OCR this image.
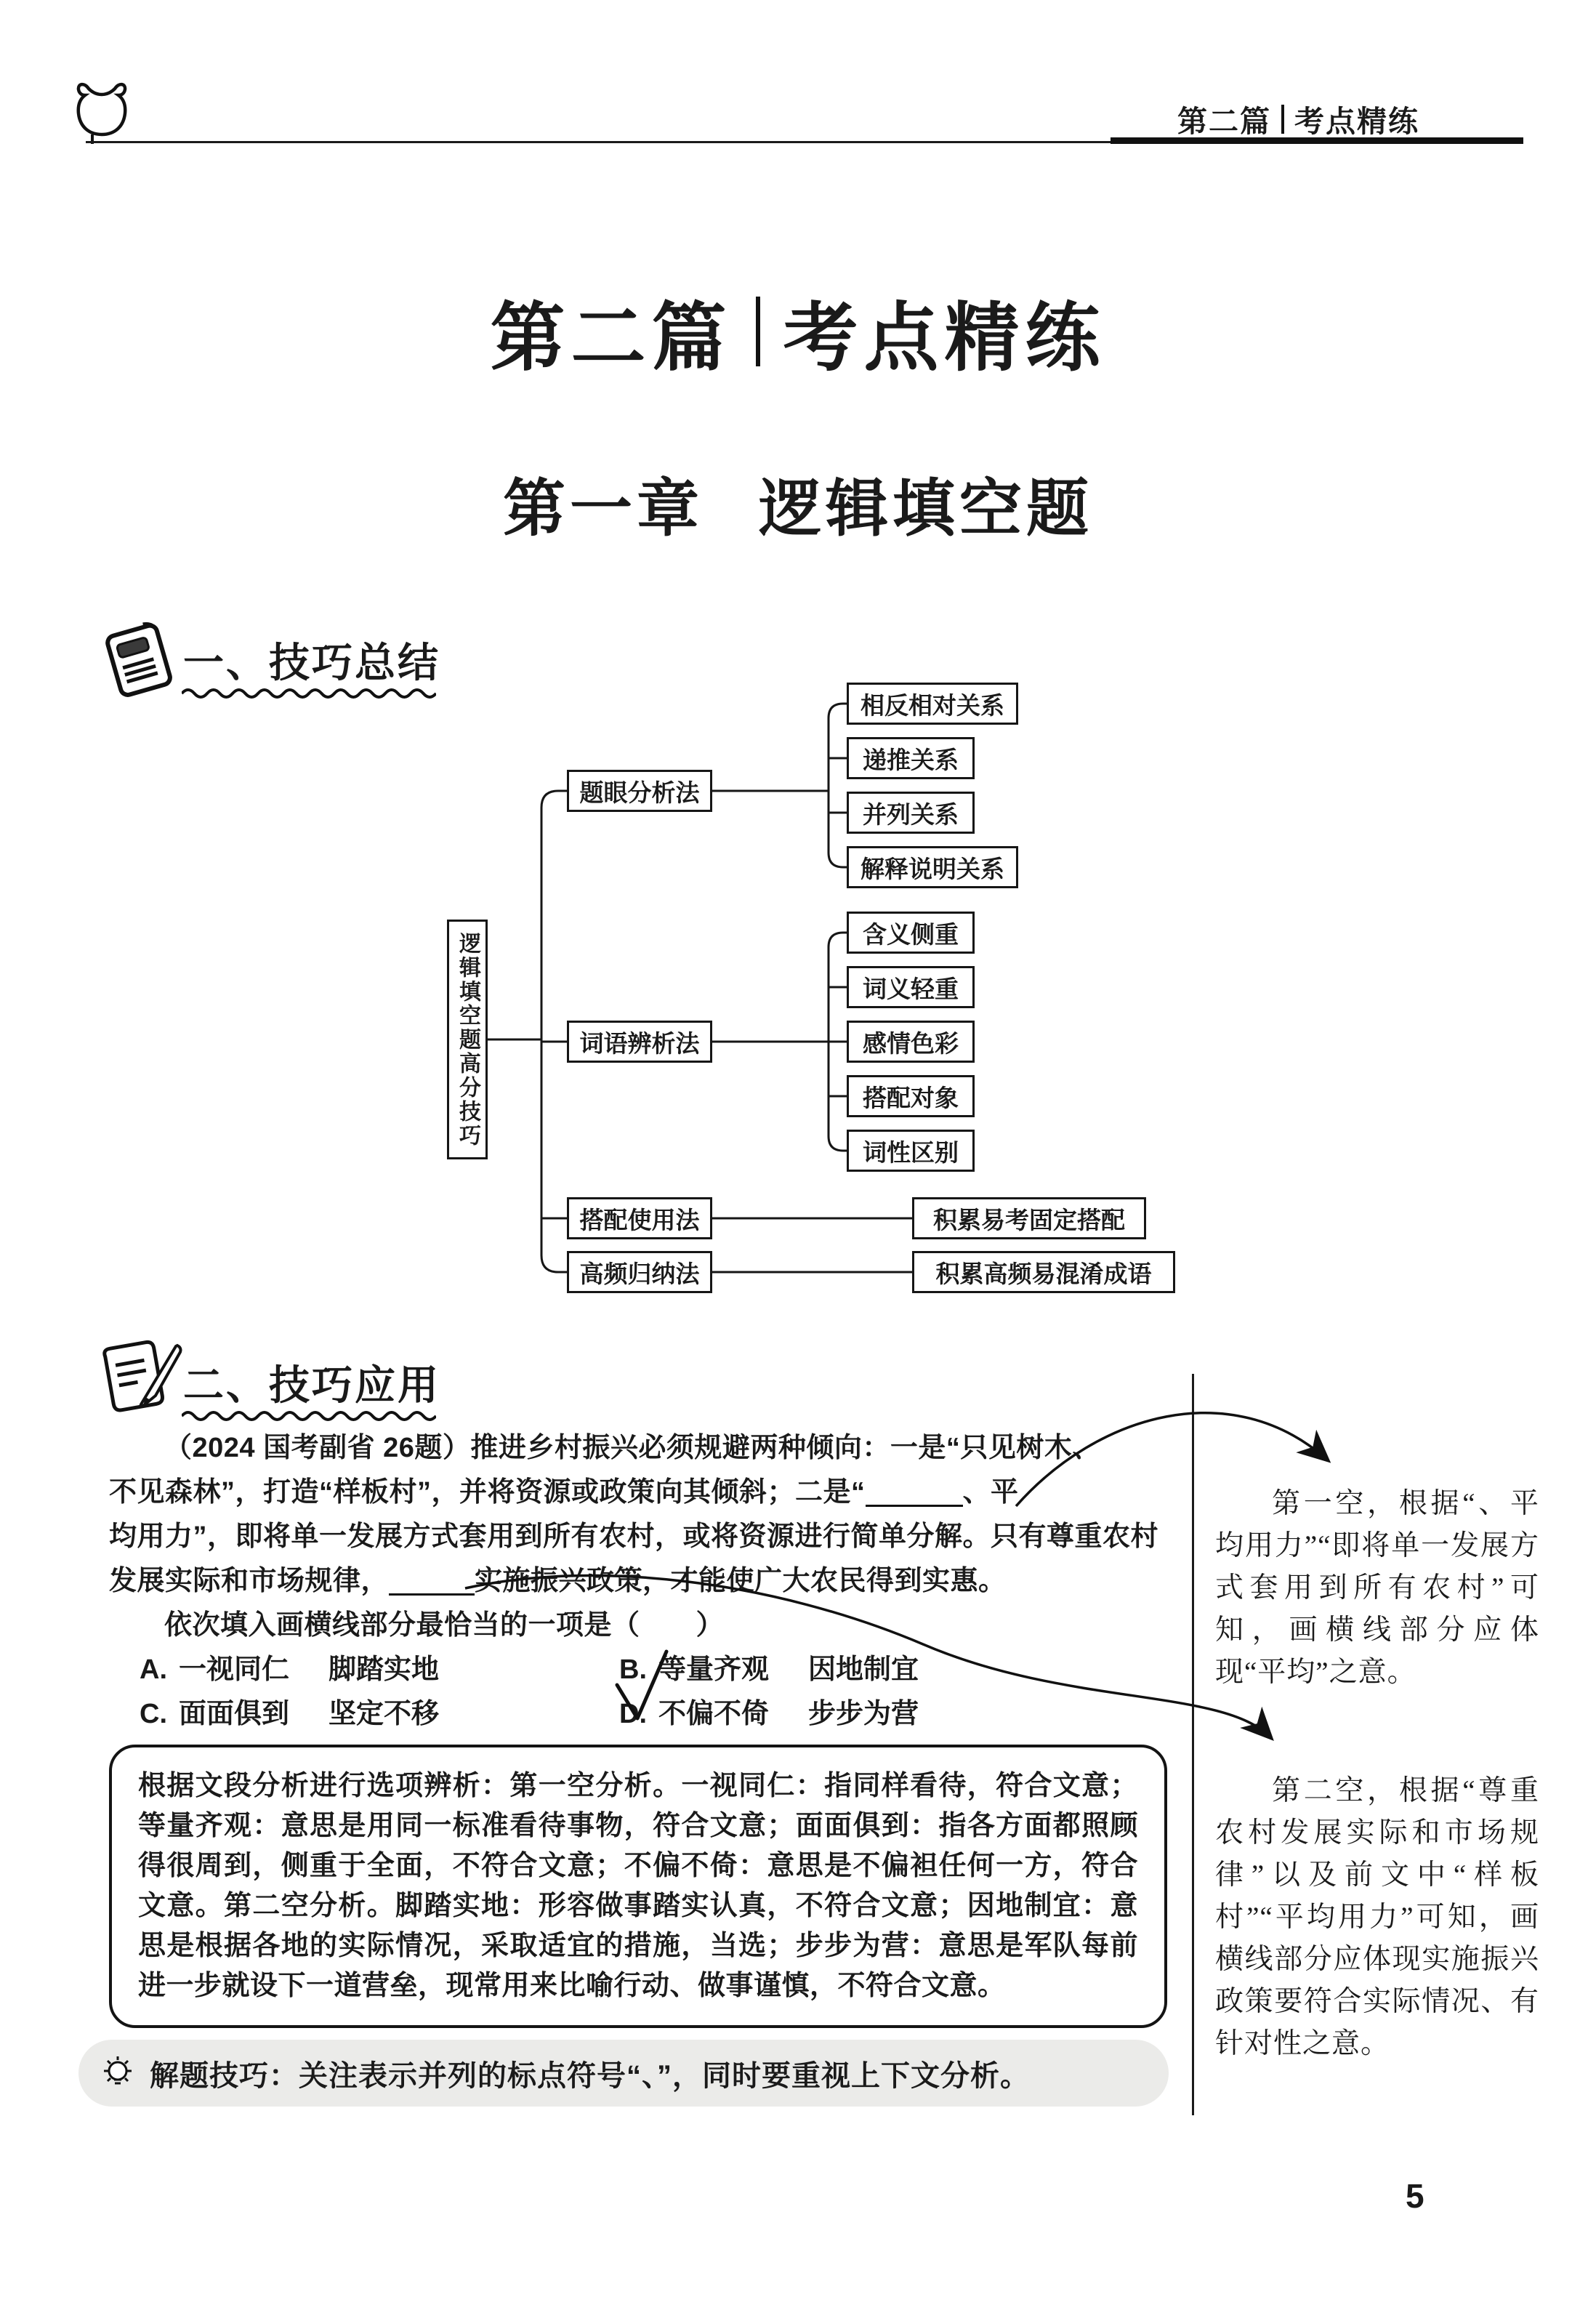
第二篇 考点精练
第二篇 考点精练
第一章 逻辑填空题
一、技巧总结
逻辑填空题高分技巧
题眼分析法
词语辨析法
搭配使用法
高频归纳法
相反相对关系
递推关系
并列关系
解释说明关系
含义侧重
词义轻重
感情色彩
搭配对象
词性区别
积累易考固定搭配
积累高频易混淆成语
二、技巧应用
（2024 国考副省 26题）推进乡村振兴必须规避两种倾向：一是“只见树木、
不见森林”，打造“样板村”，并将资源或政策向其倾斜；二是“	、平
均用力”，即将单一发展方式套用到所有农村，或将资源进行简单分解。只有尊重农村
发展实际和市场规律，	实施振兴政策，才能使广大农民得到实惠。
依次填入画横线部分最恰当的一项是（　　）
A. 一视同仁 脚踏实地	B. 等量齐观 因地制宜
C. 面面俱到 坚定不移	D. 不偏不倚 步步为营

根据文段分析进行选项辨析：第一空分析。一视同仁：指同样看待，符合文意；等量齐观：意思是用同一标准看待事物，符合文意；面面俱到：指各方面都照顾得很周到，侧重于全面，不符合文意；不偏不倚：意思是不偏袒任何一方，符合文意。第二空分析。脚踏实地：形容做事踏实认真，不符合文意；因地制宜：意思是根据各地的实际情况，采取适宜的措施，当选；步步为营：意思是军队每前进一步就设下一道营垒，现常用来比喻行动、做事谨慎，不符合文意。

解题技巧：关注表示并列的标点符号“、”，同时要重视上下文分析。
第一空，根据“、平均用力”“即将单一发展方式套用到所有农村”可知，画横线部分应体现“平均”之意。
第二空，根据“尊重农村发展实际和市场规律”以及前文中“样板村”“平均用力”可知，画横线部分应体现实施振兴政策要符合实际情况、有针对性之意。
5
